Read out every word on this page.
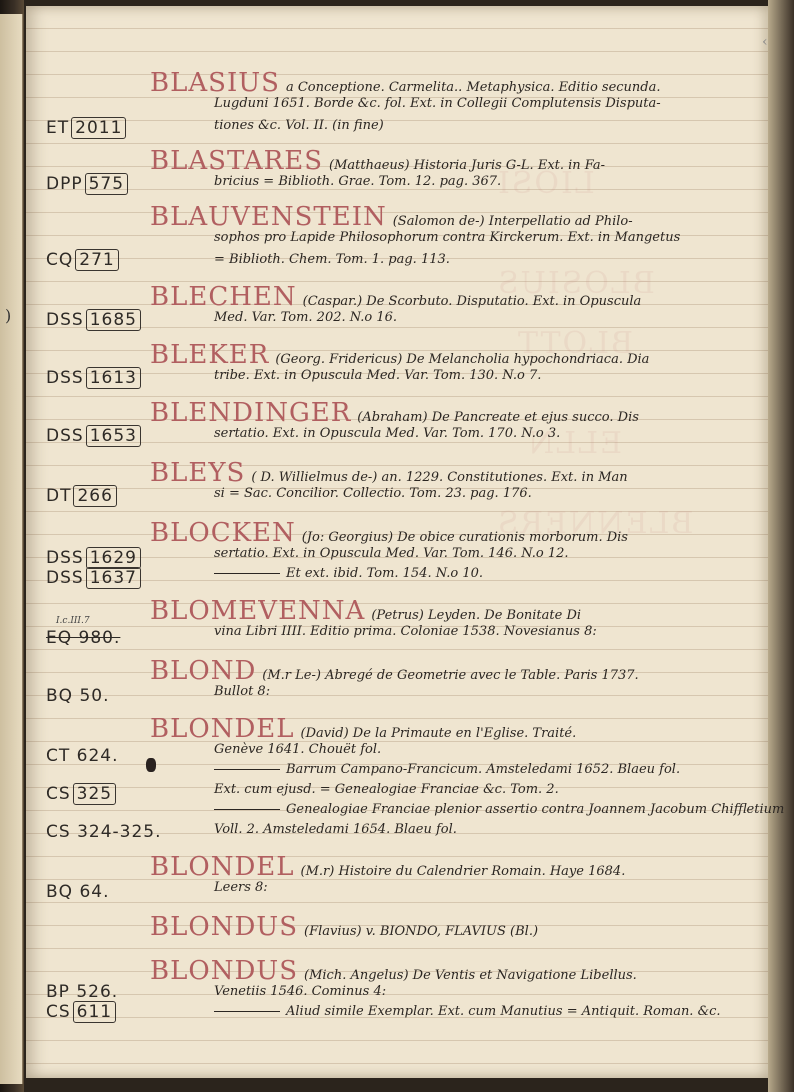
)
‹
LIOSI
BLOSIUS
BLOTT
ELLN
BLENNERS
BLASIUS a Conceptione. Carmelita.. Metaphysica. Editio secunda.
Lugduni 1651. Borde &c. fol. Ext. in Collegii Complutensis Disputa-
tiones &c. Vol. II. (in fine)
ET 2011
BLASTARES (Matthaeus) Historia Juris G-L. Ext. in Fa-
bricius = Biblioth. Grae. Tom. 12. pag. 367.
DPP 575
BLAUVENSTEIN (Salomon de-) Interpellatio ad Philo-
sophos pro Lapide Philosophorum contra Kirckerum. Ext. in Mangetus
= Biblioth. Chem. Tom. 1. pag. 113.
CQ 271
BLECHEN (Caspar.) De Scorbuto. Disputatio. Ext. in Opuscula
Med. Var. Tom. 202. N.o 16.
DSS 1685
BLEKER (Georg. Fridericus) De Melancholia hypochondriaca. Dia
tribe. Ext. in Opuscula Med. Var. Tom. 130. N.o 7.
DSS 1613
BLENDINGER (Abraham) De Pancreate et ejus succo. Dis
sertatio. Ext. in Opuscula Med. Var. Tom. 170. N.o 3.
DSS 1653
BLEYS ( D. Willielmus de-) an. 1229. Constitutiones. Ext. in Man
si = Sac. Concilior. Collectio. Tom. 23. pag. 176.
DT 266
BLOCKEN (Jo: Georgius) De obice curationis morborum. Dis
sertatio. Ext. in Opuscula Med. Var. Tom. 146. N.o 12.
Et ext. ibid. Tom. 154. N.o 10.
DSS 1629
DSS 1637
BLOMEVENNA (Petrus) Leyden. De Bonitate Di
vina Libri IIII. Editio prima. Coloniae 1538. Novesianus 8:
I.c.III.7
EQ 980.
BLOND (M.r Le-) Abregé de Geometrie avec le Table. Paris 1737.
Bullot 8:
BQ 50.
BLONDEL (David) De la Primaute en l'Eglise. Traité.
Genève 1641. Chouët fol.
Barrum Campano-Francicum. Amsteledami 1652. Blaeu fol.
Ext. cum ejusd. = Genealogiae Franciae &c. Tom. 2.
Genealogiae Franciae plenior assertio contra Joannem Jacobum Chiffletium
Voll. 2. Amsteledami 1654. Blaeu fol.
CT 624.
CS 325
CS 324-325.
BLONDEL (M.r) Histoire du Calendrier Romain. Haye 1684.
Leers 8:
BQ 64.
BLONDUS (Flavius) v. BIONDO, FLAVIUS (Bl.)
BLONDUS (Mich. Angelus) De Ventis et Navigatione Libellus.
Venetiis 1546. Cominus 4:
Aliud simile Exemplar. Ext. cum Manutius = Antiquit. Roman. &c.
BP 526.
CS 611
